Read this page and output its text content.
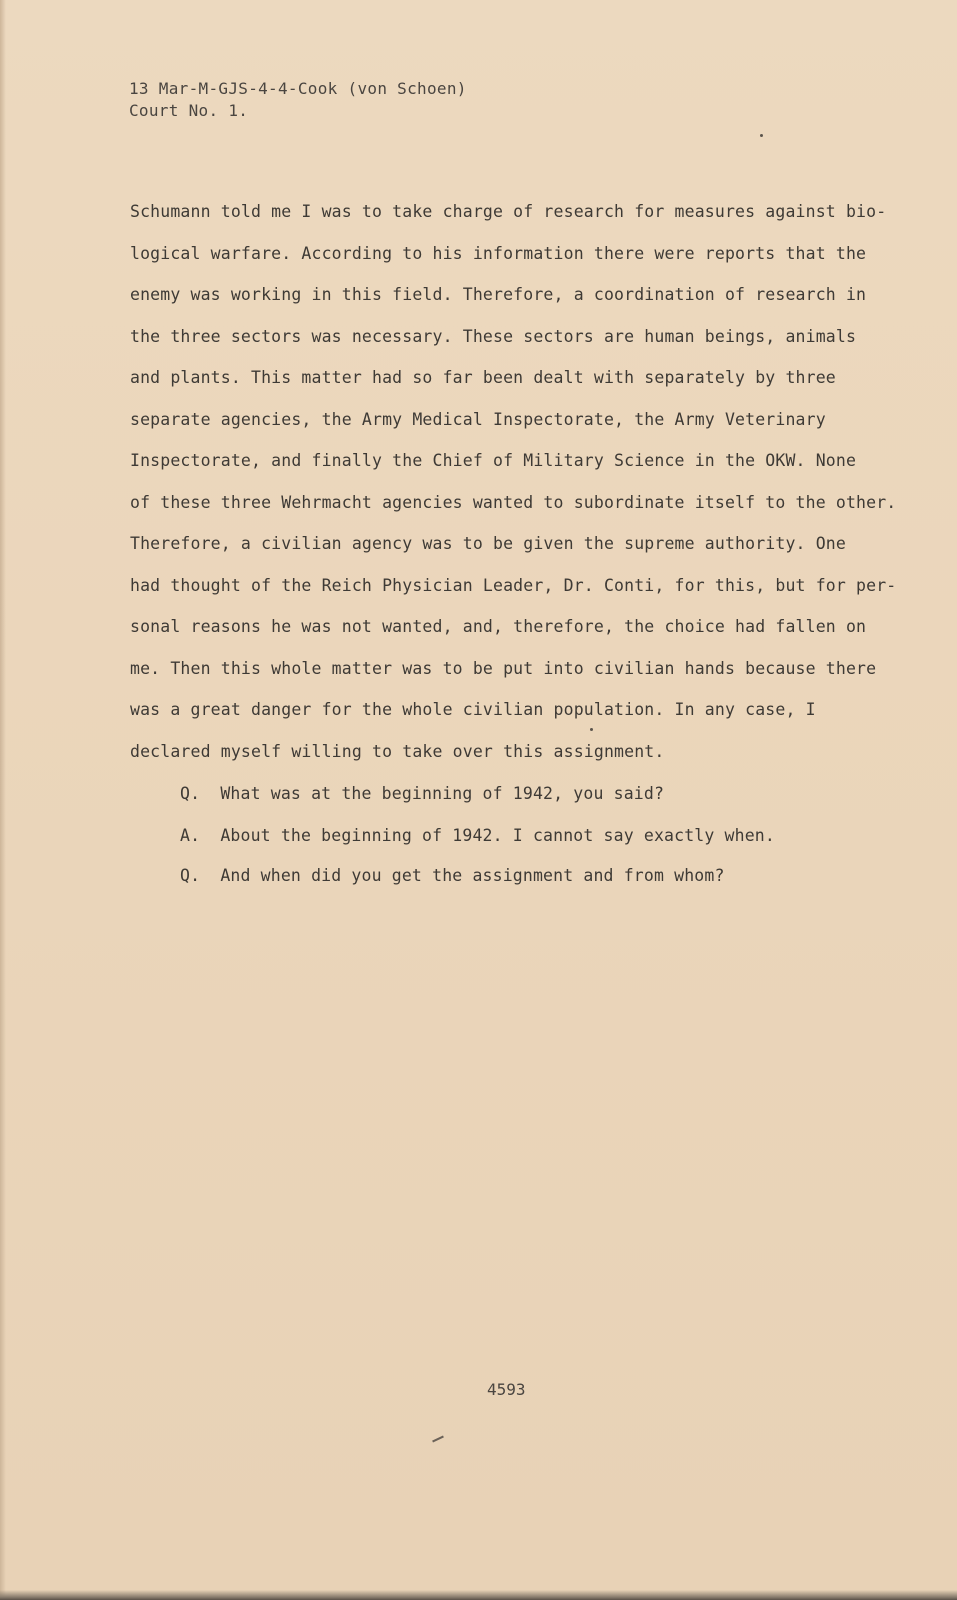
13 Mar-M-GJS-4-4-Cook (von Schoen)
Court No. 1.
Schumann told me I was to take charge of research for measures against bio-
logical warfare. According to his information there were reports that the
enemy was working in this field. Therefore, a coordination of research in
the three sectors was necessary. These sectors are human beings, animals
and plants. This matter had so far been dealt with separately by three
separate agencies, the Army Medical Inspectorate, the Army Veterinary
Inspectorate, and finally the Chief of Military Science in the OKW. None
of these three Wehrmacht agencies wanted to subordinate itself to the other.
Therefore, a civilian agency was to be given the supreme authority. One
had thought of the Reich Physician Leader, Dr. Conti, for this, but for per-
sonal reasons he was not wanted, and, therefore, the choice had fallen on
me. Then this whole matter was to be put into civilian hands because there
was a great danger for the whole civilian population. In any case, I
declared myself willing to take over this assignment.
Q. What was at the beginning of 1942, you said?
A. About the beginning of 1942. I cannot say exactly when.
Q. And when did you get the assignment and from whom?
4593
